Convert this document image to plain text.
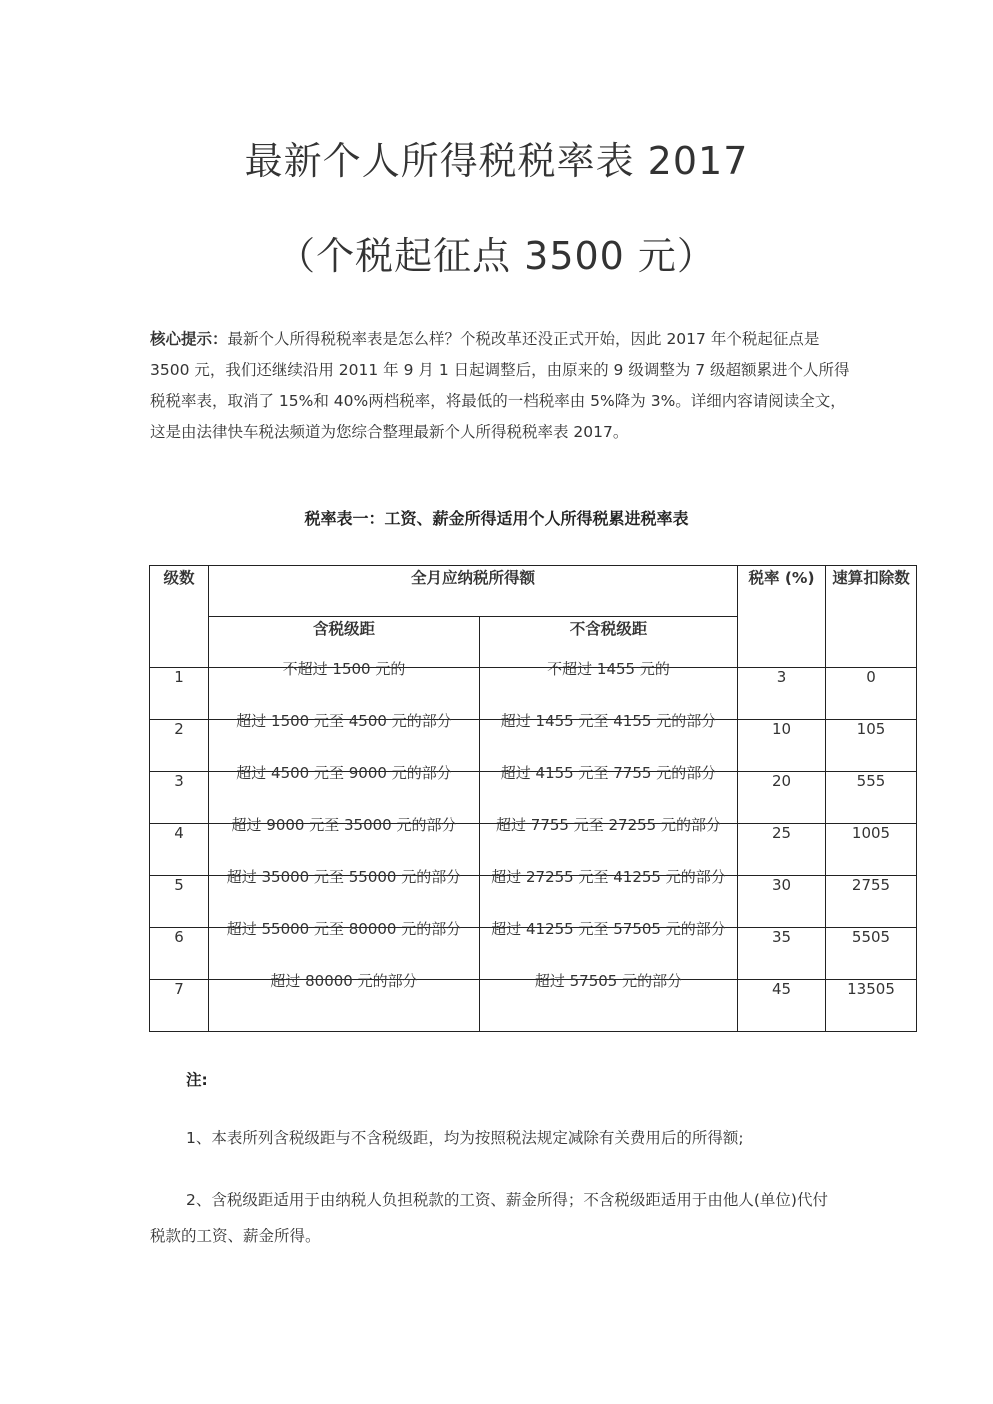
最新个人所得税税率表 2017
（个税起征点 3500 元）
核心提示：最新个人所得税税率表是怎么样？个税改革还没正式开始，因此 2017 年个税起征点是 3500 元，我们还继续沿用 2011 年 9 月 1 日起调整后，由原来的 9 级调整为 7 级超额累进个人所得税税率表，取消了 15%和 40%两档税率，将最低的一档税率由 5%降为 3%。详细内容请阅读全文，这是由法律快车税法频道为您综合整理最新个人所得税税率表 2017。
税率表一：工资、薪金所得适用个人所得税累进税率表
级数	全月应纳税所得额		税率 (%)	速算扣除数
	含税级距	不含税级距		
1	不超过 1500 元的	不超过 1455 元的	3	0
2	超过 1500 元至 4500 元的部分	超过 1455 元至 4155 元的部分	10	105
3	超过 4500 元至 9000 元的部分	超过 4155 元至 7755 元的部分	20	555
4	超过 9000 元至 35000 元的部分	超过 7755 元至 27255 元的部分	25	1005
5	超过 35000 元至 55000 元的部分	超过 27255 元至 41255 元的部分	30	2755
6	超过 55000 元至 80000 元的部分	超过 41255 元至 57505 元的部分	35	5505
7	超过 80000 元的部分	超过 57505 元的部分	45	13505
注:
1、本表所列含税级距与不含税级距，均为按照税法规定减除有关费用后的所得额;
2、含税级距适用于由纳税人负担税款的工资、薪金所得；不含税级距适用于由他人(单位)代付税款的工资、薪金所得。
